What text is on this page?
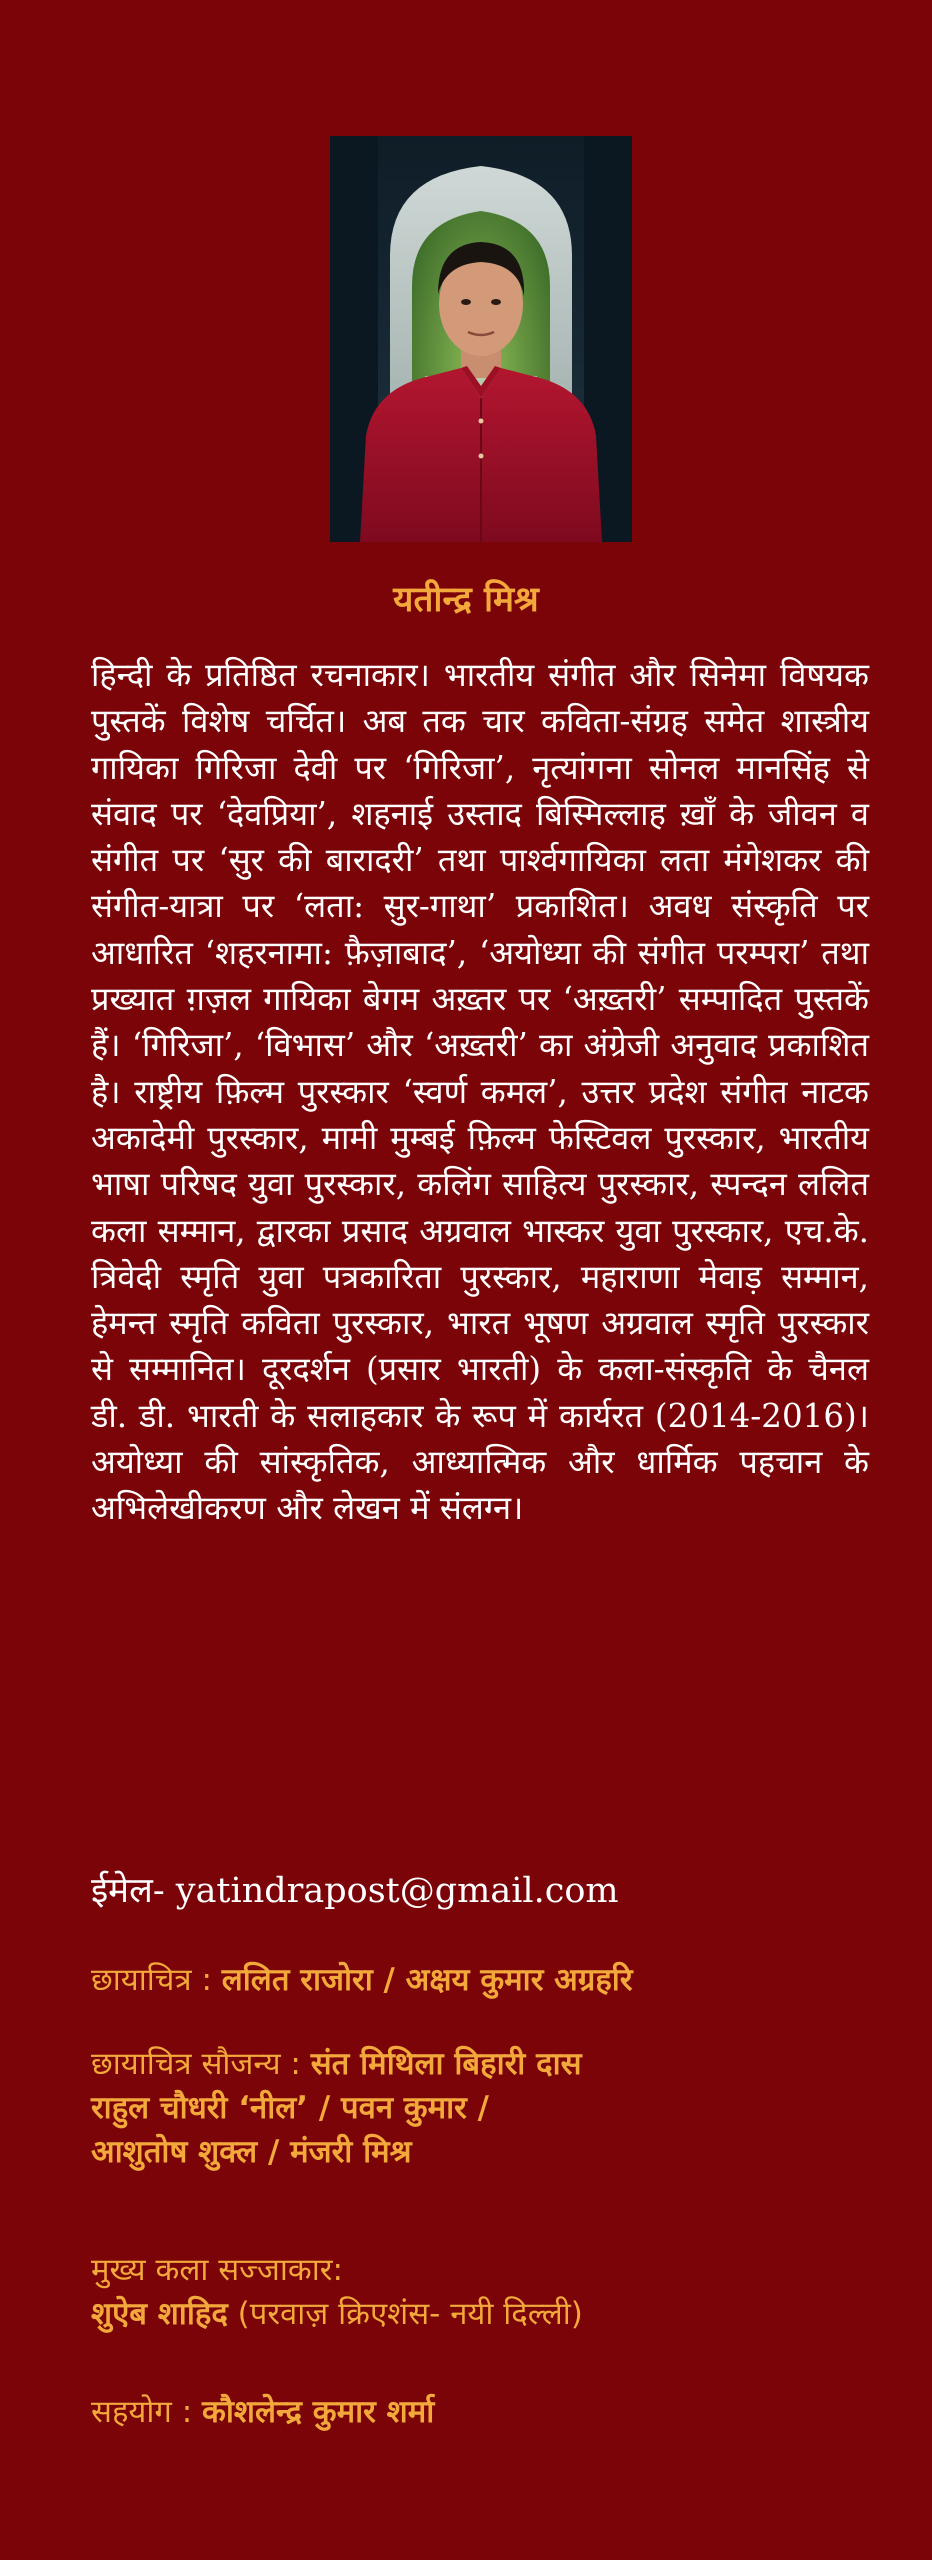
यतीन्द्र मिश्र
हिन्दी के प्रतिष्ठित रचनाकार। भारतीय संगीत और सिनेमा विषयक पुस्तकें विशेष चर्चित। अब तक चार कविता-संग्रह समेत शास्त्रीय गायिका गिरिजा देवी पर ‘गिरिजा’, नृत्यांगना सोनल मानसिंह से संवाद पर ‘देवप्रिया’, शहनाई उस्ताद बिस्मिल्लाह ख़ाँ के जीवन व संगीत पर ‘सुर की बारादरी’ तथा पार्श्वगायिका लता मंगेशकर की संगीत-यात्रा पर ‘लता: सुर-गाथा’ प्रकाशित। अवध संस्कृति पर आधारित ‘शहरनामा: फ़ैज़ाबाद’, ‘अयोध्या की संगीत परम्परा’ तथा प्रख्यात ग़ज़ल गायिका बेगम अख़्तर पर ‘अख़्तरी’ सम्पादित पुस्तकें हैं। ‘गिरिजा’, ‘विभास’ और ‘अख़्तरी’ का अंग्रेजी अनुवाद प्रकाशित है। राष्ट्रीय फ़िल्म पुरस्कार ‘स्वर्ण कमल’, उत्तर प्रदेश संगीत नाटक अकादेमी पुरस्कार, मामी मुम्बई फ़िल्म फेस्टिवल पुरस्कार, भारतीय भाषा परिषद युवा पुरस्कार, कलिंग साहित्य पुरस्कार, स्पन्दन ललित कला सम्मान, द्वारका प्रसाद अग्रवाल भास्कर युवा पुरस्कार, एच.के. त्रिवेदी स्मृति युवा पत्रकारिता पुरस्कार, महाराणा मेवाड़ सम्मान, हेमन्त स्मृति कविता पुरस्कार, भारत भूषण अग्रवाल स्मृति पुरस्कार से सम्मानित। दूरदर्शन (प्रसार भारती) के कला-संस्कृति के चैनल डी. डी. भारती के सलाहकार के रूप में कार्यरत (2014-2016)। अयोध्या की सांस्कृतिक, आध्यात्मिक और धार्मिक पहचान के अभिलेखीकरण और लेखन में संलग्न।
ईमेल- yatindrapost@gmail.com
छायाचित्र : ललित राजोरा / अक्षय कुमार अग्रहरि
छायाचित्र सौजन्य : संत मिथिला बिहारी दास
राहुल चौधरी ‘नील’ / पवन कुमार /
आशुतोष शुक्ल / मंजरी मिश्र
मुख्य कला सज्जाकार:
शुऐब शाहिद (परवाज़ क्रिएशंस- नयी दिल्ली)
सहयोग : कौशलेन्द्र कुमार शर्मा
